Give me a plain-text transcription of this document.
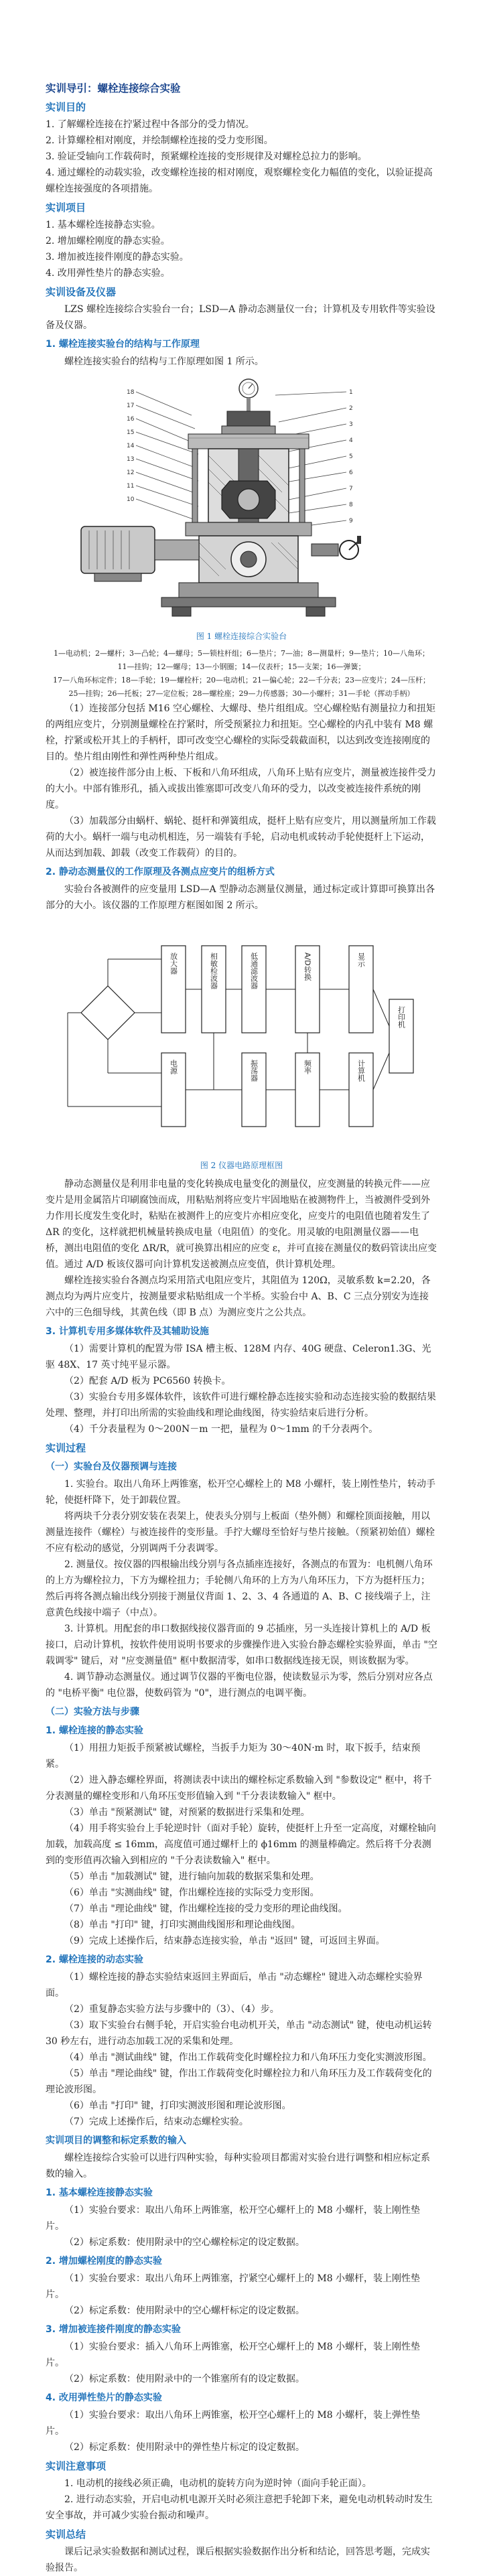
实训导引：螺栓连接综合实验
实训目的

1. 了解螺栓连接在拧紧过程中各部分的受力情况。

2. 计算螺栓相对刚度，并绘制螺栓连接的受力变形图。

3. 验证受轴向工作载荷时，预紧螺栓连接的变形规律及对螺栓总拉力的影响。

4. 通过螺栓的动载实验，改变螺栓连接的相对刚度，观察螺栓变化力幅值的变化，以验证提高螺栓连接强度的各项措施。

实训项目

1. 基本螺栓连接静态实验。

2. 增加螺栓刚度的静态实验。

3. 增加被连接件刚度的静态实验。

4. 改用弹性垫片的静态实验。

实训设备及仪器

LZS 螺栓连接综合实验台一台；LSD—A 静动态测量仪一台；计算机及专用软件等实验设备及仪器。

1. 螺栓连接实验台的结构与工作原理

螺栓连接实验台的结构与工作原理如图 1 所示。

18
17
16
15
14
13
12
11
10
1
2
3
4
5
6
7
8
9
图 1 螺栓连接综合实验台
1—电动机；2—螺杆；3—凸轮；4—螺母；5—锁柱杆组；6—垫片；7—油；8—测量杆；9—垫片；10—八角环；11—挂钩；12—螺母；13—小钢圈；14—仪表杆；15—支架；16—弹簧；
17—八角环标定件；18—手轮；19—螺栓杆；20—电动机；21—偏心轮；22—千分表；23—应变片；24—压杆；25—挂钩；26—托板；27—定位板；28—螺栓座；29—力传感器；30—小螺杆；31—手轮（挥动手柄）

（1）连接部分包括 M16 空心螺栓、大螺母、垫片组组成。空心螺栓贴有测量拉力和扭矩的两组应变片，分别测量螺栓在拧紧时，所受预紧拉力和扭矩。空心螺栓的内孔中装有 M8 螺栓，拧紧或松开其上的手柄杆，即可改变空心螺栓的实际受载截面积，以达到改变连接刚度的目的。垫片组由刚性和弹性两种垫片组成。

（2）被连接件部分由上板、下板和八角环组成，八角环上贴有应变片，测量被连接件受力的大小。中部有锥形孔，插入或拔出锥塞即可改变八角环的受力，以改变被连接件系统的刚度。

（3）加载部分由蜗杆、蜗轮、挺杆和弹簧组成，挺杆上贴有应变片，用以测量所加工作载荷的大小。蜗杆一端与电动机相连，另一端装有手轮，启动电机或转动手轮使挺杆上下运动，从而达到加载、卸载（改变工作载荷）的目的。

2. 静动态测量仪的工作原理及各测点应变片的组桥方式

实验台各被测件的应变量用 LSD—A 型静动态测量仪测量，通过标定或计算即可换算出各部分的大小。该仪器的工作原理方框图如图 2 所示。

放大器	相敏检波器
电源
低通滤波器	A/D转换
振荡器	频率
显示
计算机
打印机
图 2 仪器电路原理框图

静动态测量仪是利用非电量的变化转换成电量变化的测量仪，应变测量的转换元件——应变片是用金属箔片印刷腐蚀而成，用粘贴剂将应变片牢固地贴在被测物件上，当被测件受到外力作用长度发生变化时，粘贴在被测件上的应变片亦相应变化，应变片的电阻值也随着发生了 ΔR 的变化，这样就把机械量转换成电量（电阻值）的变化。用灵敏的电阻测量仪器——电桥，测出电阻值的变化 ΔR/R，就可换算出相应的应变 ε，并可直接在测量仪的数码管读出应变值。通过 A/D 板该仪器可向计算机发送被测点应变值，供计算机处理。

螺栓连接实验台各测点均采用箔式电阻应变片，其阻值为 120Ω，灵敏系数 k=2.20，各测点均为两片应变片，按测量要求粘贴组成一个半桥。实验台中 A、B、C 三点分别安为连接六中的三色细导线，其黄色线（即 B 点）为测应变片之公共点。

3. 计算机专用多媒体软件及其辅助设施

（1）需要计算机的配置为带 ISA 槽主板、128M 内存、40G 硬盘、Celeron1.3G、光驱 48X、17 英寸纯平显示器。

（2）配套 A/D 板为 PC6560 转换卡。

（3）实验台专用多媒体软件，该软件可进行螺栓静态连接实验和动态连接实验的数据结果处理、整理，并打印出所需的实验曲线和理论曲线图，待实验结束后进行分析。

（4）千分表量程为 0～200N－m 一把，量程为 0～1mm 的千分表两个。

实训过程
（一）实验台及仪器预调与连接

1. 实验台。取出八角环上两锥塞，松开空心螺栓上的 M8 小螺杆，装上刚性垫片，转动手轮，使挺杆降下，处于卸载位置。

将两块千分表分别安装在表架上，使表头分别与上板面（垫外侧）和螺栓顶面接触，用以测量连接件（螺栓）与被连接件的变形量。手拧大螺母至恰好与垫片接触。（预紧初始值）螺栓不应有松动的感觉，分别调两千分表调零。

2. 测量仪。按仪器的四根输出线分别与各点插座连接好，各测点的布置为：电机侧八角环的上方为螺栓拉力，下方为螺栓扭力；手轮侧八角环的上方为八角环压力，下方为挺杆压力；然后再将各测点输出线分别接于测量仪背面 1、2、3、4 各通道的 A、B、C 接线端子上，注意黄色线接中端子（中点）。

3. 计算机。用配套的串口数据线接仪器背面的 9 芯插座，另一头连接计算机上的 A/D 板接口，启动计算机，按软件使用说明书要求的步骤操作进入实验台静态螺栓实验界面，单击 "空载调零" 键后，对 "应变测量值" 框中数据清零，如串口数据线连接无误，则该数据为零。

4. 调节静动态测量仪。通过调节仪器的平衡电位器，使读数显示为零，然后分别对应各点的 "电桥平衡" 电位器，使数码管为 "0"，进行测点的电调平衡。

（二）实验方法与步骤
1. 螺栓连接的静态实验

（1）用扭力矩扳手预紧被试螺栓，当扳手力矩为 30～40N·m 时，取下扳手，结束预紧。

（2）进入静态螺栓界面，将测读表中读出的螺栓标定系数输入到 "参数设定" 框中，将千分表测量的螺栓变形和八角环压变形值输入到 "千分表读数输入" 框中。

（3）单击 "预紧测试" 键，对预紧的数据进行采集和处理。

（4）用手将实验台上手轮逆时针（面对手轮）旋转，使挺杆上升至一定高度，对螺栓轴向加载，加载高度 ≤ 16mm，高度值可通过螺杆上的 ϕ16mm 的测量棒确定。然后将千分表测到的变形值再次输入到相应的 "千分表读数输入" 框中。

（5）单击 "加载测试" 键，进行轴向加载的数据采集和处理。

（6）单击 "实测曲线" 键，作出螺栓连接的实际受力变形图。

（7）单击 "理论曲线" 键，作出螺栓连接的受力变形的理论曲线图。

（8）单击 "打印" 键，打印实测曲线图形和理论曲线图。

（9）完成上述操作后，结束静态连接实验，单击 "返回" 键，可返回主界面。

2. 螺栓连接的动态实验

（1）螺栓连接的静态实验结束返回主界面后，单击 "动态螺栓" 键进入动态螺栓实验界面。

（2）重复静态实验方法与步骤中的（3）、（4）步。

（3）取下实验台右侧手轮，开启实验台电动机开关，单击 "动态测试" 键，使电动机运转 30 秒左右，进行动态加载工况的采集和处理。

（4）单击 "测试曲线" 键，作出工作载荷变化时螺栓拉力和八角环压力变化实测波形图。

（5）单击 "理论曲线" 键，作出工作载荷变化时螺栓拉力和八角环压力及工作载荷变化的理论波形图。

（6）单击 "打印" 键，打印实测波形图和理论波形图。

（7）完成上述操作后，结束动态螺栓实验。

实训项目的调整和标定系数的输入

螺栓连接综合实验可以进行四种实验，每种实验项目都需对实验台进行调整和相应标定系数的输入。

1. 基本螺栓连接静态实验

（1）实验台要求：取出八角环上两锥塞，松开空心螺杆上的 M8 小螺杆，装上刚性垫片。

（2）标定系数：使用附录中的空心螺栓标定的设定数据。

2. 增加螺栓刚度的静态实验

（1）实验台要求：取出八角环上两锥塞，拧紧空心螺杆上的 M8 小螺杆，装上刚性垫片。

（2）标定系数：使用附录中的空心螺杆标定的设定数据。

3. 增加被连接件刚度的静态实验

（1）实验台要求：插入八角环上两锥塞，松开空心螺杆上的 M8 小螺杆，装上刚性垫片。

（2）标定系数：使用附录中的一个锥塞所有的设定数据。

4. 改用弹性垫片的静态实验

（1）实验台要求：取出八角环上两锥塞，松开空心螺杆上的 M8 小螺杆，装上弹性垫片。

（2）标定系数：使用附录中的弹性垫片标定的设定数据。

实训注意事项

1. 电动机的接线必须正确，电动机的旋转方向为逆时钟（面向手轮正面）。

2. 进行动态实验，开启电动机电源开关时必须注意把手轮卸下来，避免电动机转动时发生安全事故，并可减少实验台振动和噪声。

实训总结

课后记录实验数据和测试过程，课后根据实验数据作出分析和结论，回答思考题，完成实验报告。
